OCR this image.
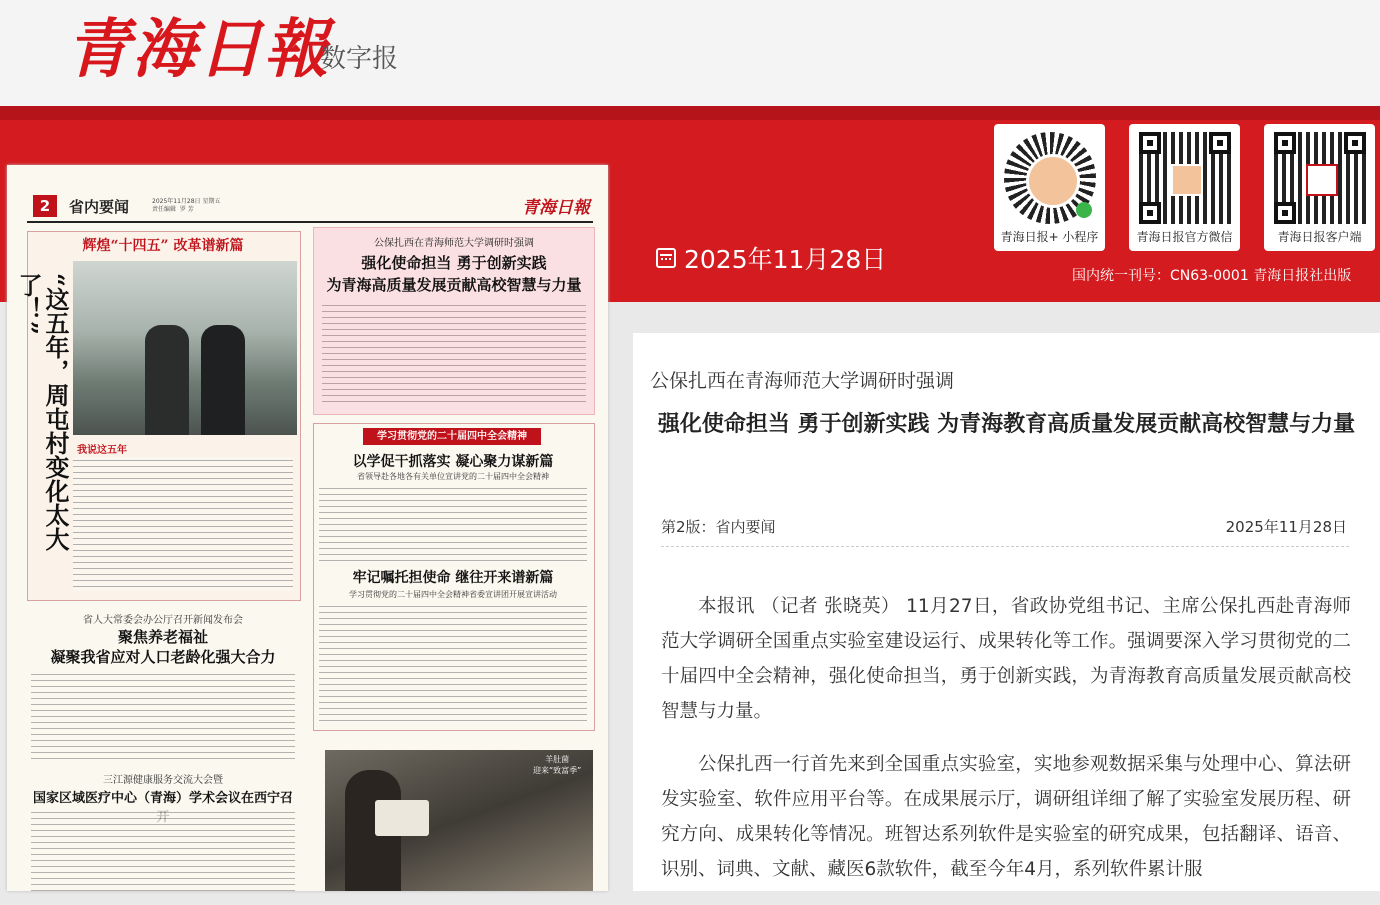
青海日報
数字报
2025年11月28日
国内统一刊号：CN63-0001 青海日报社出版
青海日报+ 小程序	青海日报官方微信	青海日报客户端
2	省内要闻	2025年11月28日 星期五
责任编辑  罗 芳	青海日報
辉煌“十四五” 改革谱新篇
“这五年，周屯村变化太大了！”
我说这五年
公保扎西在青海师范大学调研时强调
强化使命担当 勇于创新实践
为青海高质量发展贡献高校智慧与力量
学习贯彻党的二十届四中全会精神
以学促干抓落实 凝心聚力谋新篇
省领导赴各地各有关单位宣讲党的二十届四中全会精神
牢记嘱托担使命 继往开来谱新篇
学习贯彻党的二十届四中全会精神省委宣讲团开展宣讲活动
省人大常委会办公厅召开新闻发布会
聚焦养老福祉
凝聚我省应对人口老龄化强大合力
三江源健康服务交流大会暨
国家区域医疗中心（青海）学术会议在西宁召
羊肚菌
迎来“致富季”
公保扎西在青海师范大学调研时强调
强化使命担当 勇于创新实践 为青海教育高质量发展贡献高校智慧与力量
第2版：省内要闻	2025年11月28日

本报讯 （记者 张晓英） 11月27日，省政协党组书记、主席公保扎西赴青海师范大学调研全国重点实验室建设运行、成果转化等工作。强调要深入学习贯彻党的二十届四中全会精神，强化使命担当，勇于创新实践，为青海教育高质量发展贡献高校智慧与力量。

公保扎西一行首先来到全国重点实验室，实地参观数据采集与处理中心、算法研发实验室、软件应用平台等。在成果展示厅，调研组详细了解了实验室发展历程、研究方向、成果转化等情况。班智达系列软件是实验室的研究成果，包括翻译、语音、识别、词典、文献、藏医6款软件，截至今年4月，系列软件累计服
